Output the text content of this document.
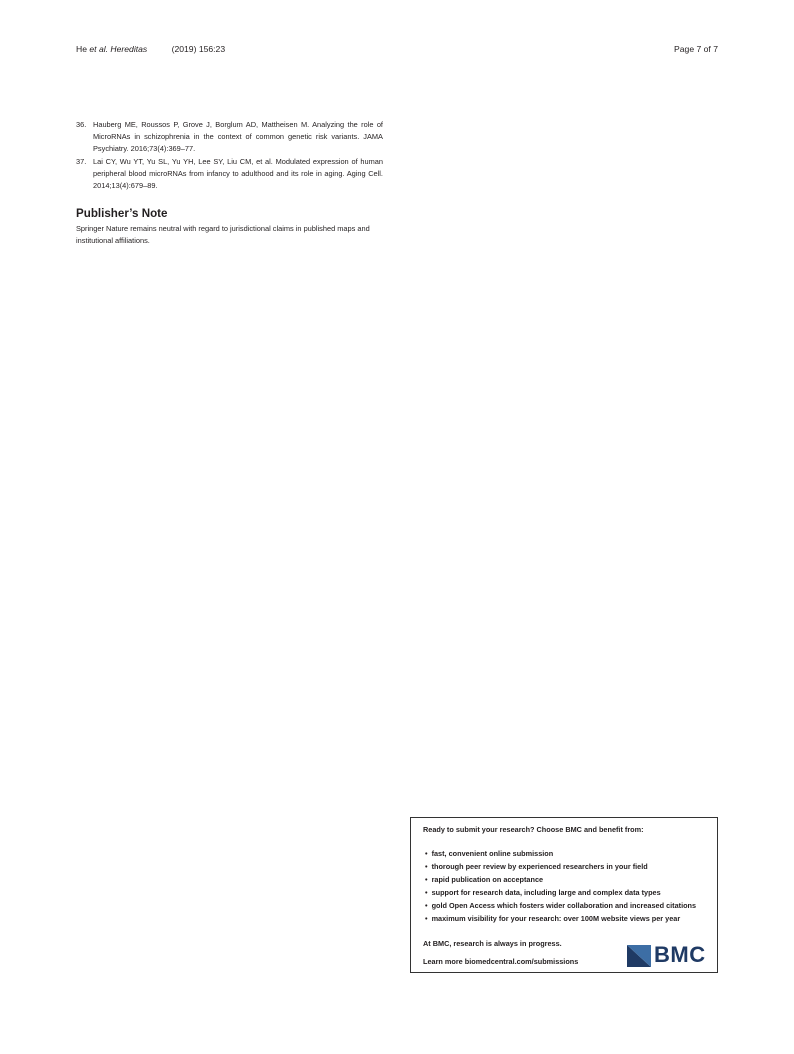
He et al. Hereditas	(2019) 156:23	Page 7 of 7
36. Hauberg ME, Roussos P, Grove J, Borglum AD, Mattheisen M. Analyzing the role of MicroRNAs in schizophrenia in the context of common genetic risk variants. JAMA Psychiatry. 2016;73(4):369–77.
37. Lai CY, Wu YT, Yu SL, Yu YH, Lee SY, Liu CM, et al. Modulated expression of human peripheral blood microRNAs from infancy to adulthood and its role in aging. Aging Cell. 2014;13(4):679–89.
Publisher’s Note
Springer Nature remains neutral with regard to jurisdictional claims in published maps and institutional affiliations.
Ready to submit your research? Choose BMC and benefit from:
• fast, convenient online submission
• thorough peer review by experienced researchers in your field
• rapid publication on acceptance
• support for research data, including large and complex data types
• gold Open Access which fosters wider collaboration and increased citations
• maximum visibility for your research: over 100M website views per year
At BMC, research is always in progress.
Learn more biomedcentral.com/submissions	BMC
